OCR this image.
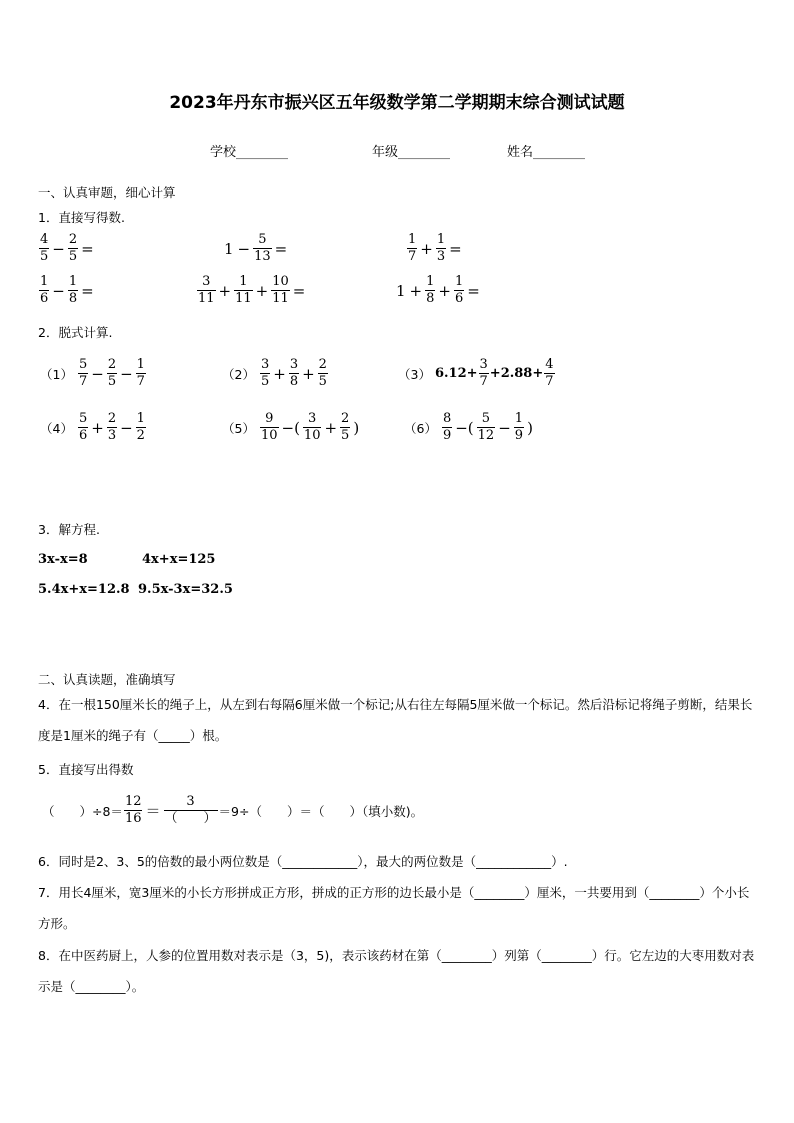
2023年丹东市振兴区五年级数学第二学期期末综合测试试题
学校________	年级________	姓名________
一、认真审题，细心计算
1．直接写得数.
$\frac{4}{5} - \frac{2}{5}$ =	$1 - \frac{5}{13}$ =	$\frac{1}{7} + \frac{1}{3}$ =
$\frac{1}{6} - \frac{1}{8}$ =	$\frac{3}{11} + \frac{1}{11} + \frac{10}{11}$ =	$1 + \frac{1}{8} + \frac{1}{6}$ =
2．脱式计算.
$(1) \frac{5}{7} - \frac{2}{5} - \frac{1}{7}$	$(2) \frac{3}{5} + \frac{3}{8} + \frac{2}{5}$	（3） $6.12+ \frac{3}{7} +2.88+ \frac{4}{7}$
$(4) \frac{5}{6} + \frac{2}{3} - \frac{1}{2}$	$(5) \frac{9}{10}$ −( $\frac{3}{10} + \frac{2}{5}$ )	$(6) \frac{8}{9}$ −( $\frac{5}{12} - \frac{1}{9}$ )
3．解方程.
3x-x=8	4x+x=125
5.4x+x=12.8 9.5x-3x=32.5
二、认真读题，准确填写
4．在一根150厘米长的绳子上，从左到右每隔6厘米做一个标记;从右往左每隔5厘米做一个标记。然后沿标记将绳子剪断，结果长度是1厘米的绳子有（_____）根。
5．直接写出得数
（　　）$\div 8= \frac{12}{16} = \frac{3}{( )} =9\div$（　　）＝（　　）（填小数)。
6．同时是2、3、5的倍数的最小两位数是（____________），最大的两位数是（____________）.
7．用长4厘米，宽3厘米的小长方形拼成正方形，拼成的正方形的边长最小是（________）厘米，一共要用到（________）个小长方形。
8．在中医药厨上，人参的位置用数对表示是（3，5)，表示该药材在第（________）列第（________）行。它左边的大枣用数对表示是（________）。
